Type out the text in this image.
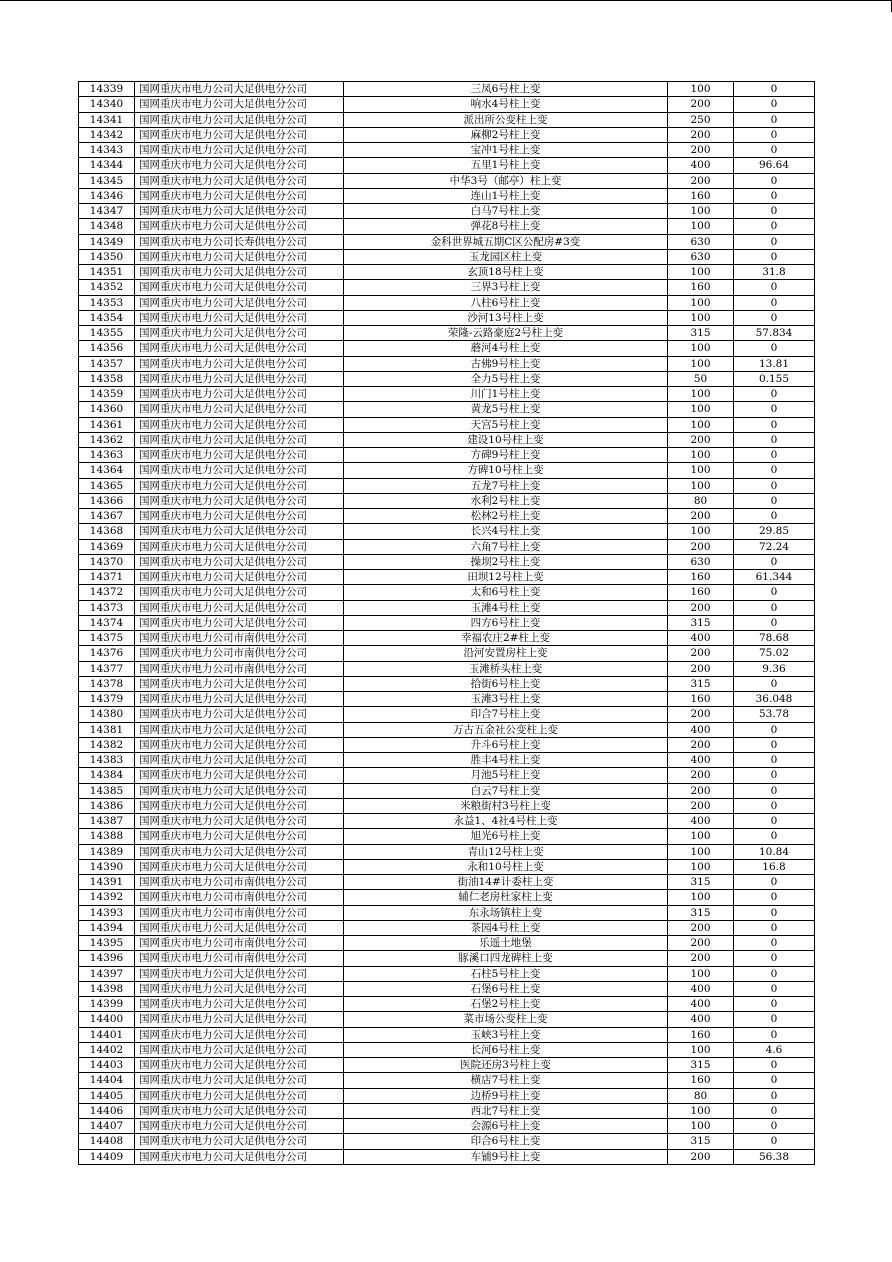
14339	国网重庆市电力公司大足供电分公司	三凤6号柱上变	100	0
14340	国网重庆市电力公司大足供电分公司	响水4号柱上变	200	0
14341	国网重庆市电力公司大足供电分公司	派出所公变柱上变	250	0
14342	国网重庆市电力公司大足供电分公司	麻柳2号柱上变	200	0
14343	国网重庆市电力公司大足供电分公司	宝冲1号柱上变	200	0
14344	国网重庆市电力公司大足供电分公司	五里1号柱上变	400	96.64
14345	国网重庆市电力公司大足供电分公司	中华3号（邮亭）柱上变	200	0
14346	国网重庆市电力公司大足供电分公司	连山1号柱上变	160	0
14347	国网重庆市电力公司大足供电分公司	白马7号柱上变	100	0
14348	国网重庆市电力公司大足供电分公司	弹花8号柱上变	100	0
14349	国网重庆市电力公司长寿供电分公司	金科世界城五期C区公配房#3变	630	0
14350	国网重庆市电力公司大足供电分公司	玉龙园区柱上变	630	0
14351	国网重庆市电力公司大足供电分公司	玄顶18号柱上变	100	31.8
14352	国网重庆市电力公司大足供电分公司	三界3号柱上变	160	0
14353	国网重庆市电力公司大足供电分公司	八柱6号柱上变	100	0
14354	国网重庆市电力公司大足供电分公司	沙河13号柱上变	100	0
14355	国网重庆市电力公司大足供电分公司	荣隆-云路豪庭2号柱上变	315	57.834
14356	国网重庆市电力公司大足供电分公司	蘑河4号柱上变	100	0
14357	国网重庆市电力公司大足供电分公司	古佛9号柱上变	100	13.81
14358	国网重庆市电力公司大足供电分公司	全力5号柱上变	50	0.155
14359	国网重庆市电力公司大足供电分公司	川门1号柱上变	100	0
14360	国网重庆市电力公司大足供电分公司	黄龙5号柱上变	100	0
14361	国网重庆市电力公司大足供电分公司	天宫5号柱上变	100	0
14362	国网重庆市电力公司大足供电分公司	建设10号柱上变	200	0
14363	国网重庆市电力公司大足供电分公司	方碑9号柱上变	100	0
14364	国网重庆市电力公司大足供电分公司	方碑10号柱上变	100	0
14365	国网重庆市电力公司大足供电分公司	五龙7号柱上变	100	0
14366	国网重庆市电力公司大足供电分公司	水利2号柱上变	80	0
14367	国网重庆市电力公司大足供电分公司	松林2号柱上变	200	0
14368	国网重庆市电力公司大足供电分公司	长兴4号柱上变	100	29.85
14369	国网重庆市电力公司大足供电分公司	六角7号柱上变	200	72.24
14370	国网重庆市电力公司大足供电分公司	操坝2号柱上变	630	0
14371	国网重庆市电力公司大足供电分公司	田坝12号柱上变	160	61.344
14372	国网重庆市电力公司大足供电分公司	太和6号柱上变	160	0
14373	国网重庆市电力公司大足供电分公司	玉滩4号柱上变	200	0
14374	国网重庆市电力公司大足供电分公司	四方6号柱上变	315	0
14375	国网重庆市电力公司市南供电分公司	幸福农庄2#柱上变	400	78.68
14376	国网重庆市电力公司市南供电分公司	沿河安置房柱上变	200	75.02
14377	国网重庆市电力公司市南供电分公司	玉滩桥头柱上变	200	9.36
14378	国网重庆市电力公司大足供电分公司	拾街6号柱上变	315	0
14379	国网重庆市电力公司大足供电分公司	玉滩3号柱上变	160	36.048
14380	国网重庆市电力公司大足供电分公司	印合7号柱上变	200	53.78
14381	国网重庆市电力公司大足供电分公司	万古五金社公变柱上变	400	0
14382	国网重庆市电力公司大足供电分公司	升斗6号柱上变	200	0
14383	国网重庆市电力公司大足供电分公司	胜丰4号柱上变	400	0
14384	国网重庆市电力公司大足供电分公司	月池5号柱上变	200	0
14385	国网重庆市电力公司大足供电分公司	白云7号柱上变	200	0
14386	国网重庆市电力公司大足供电分公司	米粮街村3号柱上变	200	0
14387	国网重庆市电力公司大足供电分公司	永益1、4社4号柱上变	400	0
14388	国网重庆市电力公司大足供电分公司	旭光6号柱上变	100	0
14389	国网重庆市电力公司大足供电分公司	青山12号柱上变	100	10.84
14390	国网重庆市电力公司大足供电分公司	永和10号柱上变	100	16.8
14391	国网重庆市电力公司市南供电分公司	街油14#计委柱上变	315	0
14392	国网重庆市电力公司市南供电分公司	辅仁老房杜家柱上变	100	0
14393	国网重庆市电力公司市南供电分公司	东永场镇柱上变	315	0
14394	国网重庆市电力公司大足供电分公司	茶园4号柱上变	200	0
14395	国网重庆市电力公司市南供电分公司	乐遥土地堡	200	0
14396	国网重庆市电力公司市南供电分公司	豚溪口四龙碑柱上变	200	0
14397	国网重庆市电力公司大足供电分公司	石柱5号柱上变	100	0
14398	国网重庆市电力公司大足供电分公司	石堡6号柱上变	400	0
14399	国网重庆市电力公司大足供电分公司	石堡2号柱上变	400	0
14400	国网重庆市电力公司大足供电分公司	菜市场公变柱上变	400	0
14401	国网重庆市电力公司大足供电分公司	玉峡3号柱上变	160	0
14402	国网重庆市电力公司大足供电分公司	长河6号柱上变	100	4.6
14403	国网重庆市电力公司大足供电分公司	医院还房3号柱上变	315	0
14404	国网重庆市电力公司大足供电分公司	横店7号柱上变	160	0
14405	国网重庆市电力公司大足供电分公司	边桥9号柱上变	80	0
14406	国网重庆市电力公司大足供电分公司	西北7号柱上变	100	0
14407	国网重庆市电力公司大足供电分公司	会源6号柱上变	100	0
14408	国网重庆市电力公司大足供电分公司	印合6号柱上变	315	0
14409	国网重庆市电力公司大足供电分公司	车铺9号柱上变	200	56.38
